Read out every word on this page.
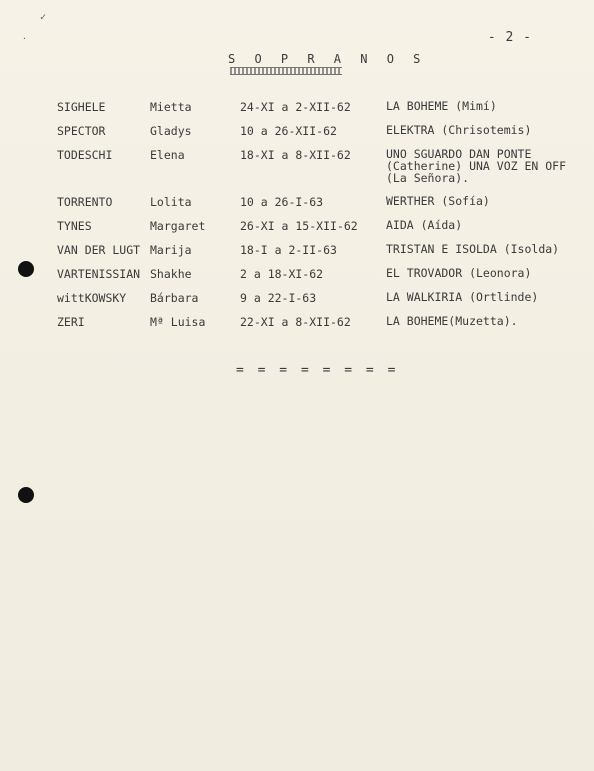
✓
·	- 2 -
S O P R A N O S
SIGHELE	Mietta	24-XI a 2-XII-62	LA BOHEME (Mimí)
SPECTOR	Gladys	10 a 26-XII-62	ELEKTRA (Chrisotemis)
TODESCHI	Elena	18-XI a 8-XII-62	UNO SGUARDO DAN PONTE (Catherine) UNA VOZ EN OFF (La Señora).
TORRENTO	Lolita	10 a 26-I-63	WERTHER (Sofía)
TYNES	Margaret	26-XI a 15-XII-62 AIDA (Aída)
VAN DER LUGT Marija	18-I a 2-II-63	TRISTAN E ISOLDA (Isolda)
VARTENISSIAN Shakhe	2 a 18-XI-62	EL TROVADOR (Leonora)
wittKOWSKY Bárbara	9 a 22-I-63	LA WALKIRIA (Ortlinde)
ZERI	Mª Luisa	22-XI a 8-XII-62	LA BOHEME(Muzetta).
= = = = = = = =
